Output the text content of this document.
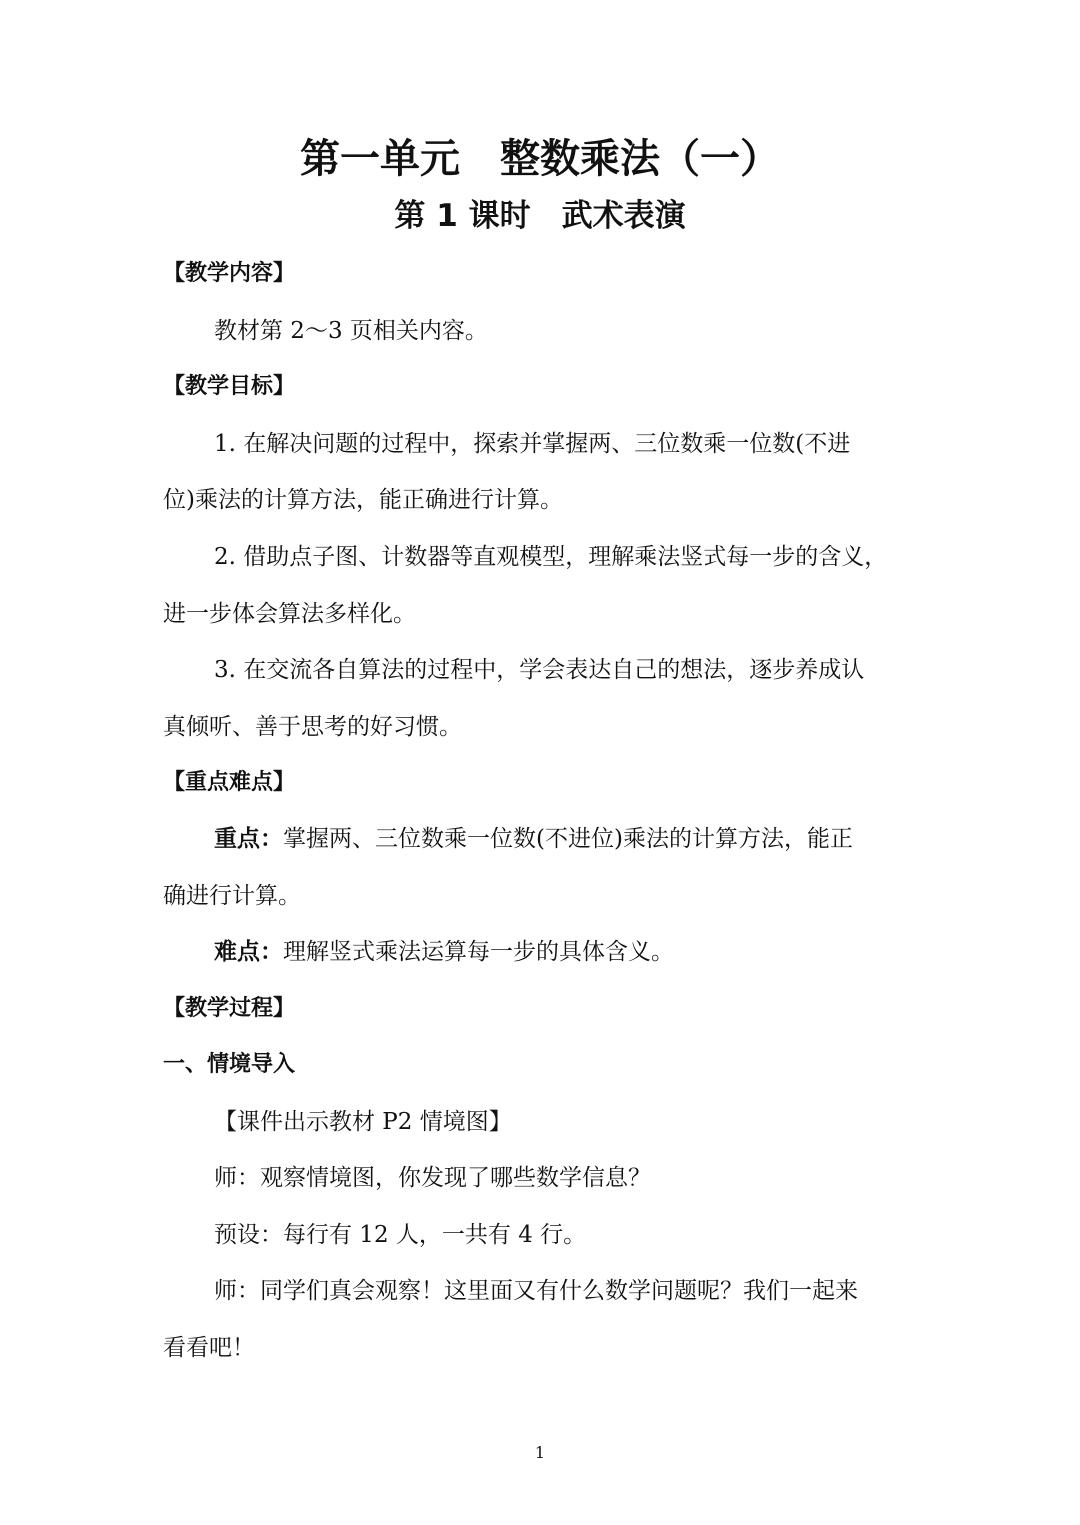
第一单元　整数乘法（一）
第 1 课时　武术表演
【教学内容】
教材第 2～3 页相关内容。
【教学目标】
1. 在解决问题的过程中，探索并掌握两、三位数乘一位数(不进
位)乘法的计算方法，能正确进行计算。
2. 借助点子图、计数器等直观模型，理解乘法竖式每一步的含义，
进一步体会算法多样化。
3. 在交流各自算法的过程中，学会表达自己的想法，逐步养成认
真倾听、善于思考的好习惯。
【重点难点】
重点：掌握两、三位数乘一位数(不进位)乘法的计算方法，能正
确进行计算。
难点：理解竖式乘法运算每一步的具体含义。
【教学过程】
一、情境导入
【课件出示教材 P2 情境图】
师：观察情境图，你发现了哪些数学信息？
预设：每行有 12 人，一共有 4 行。
师：同学们真会观察！这里面又有什么数学问题呢？我们一起来
看看吧！
1
